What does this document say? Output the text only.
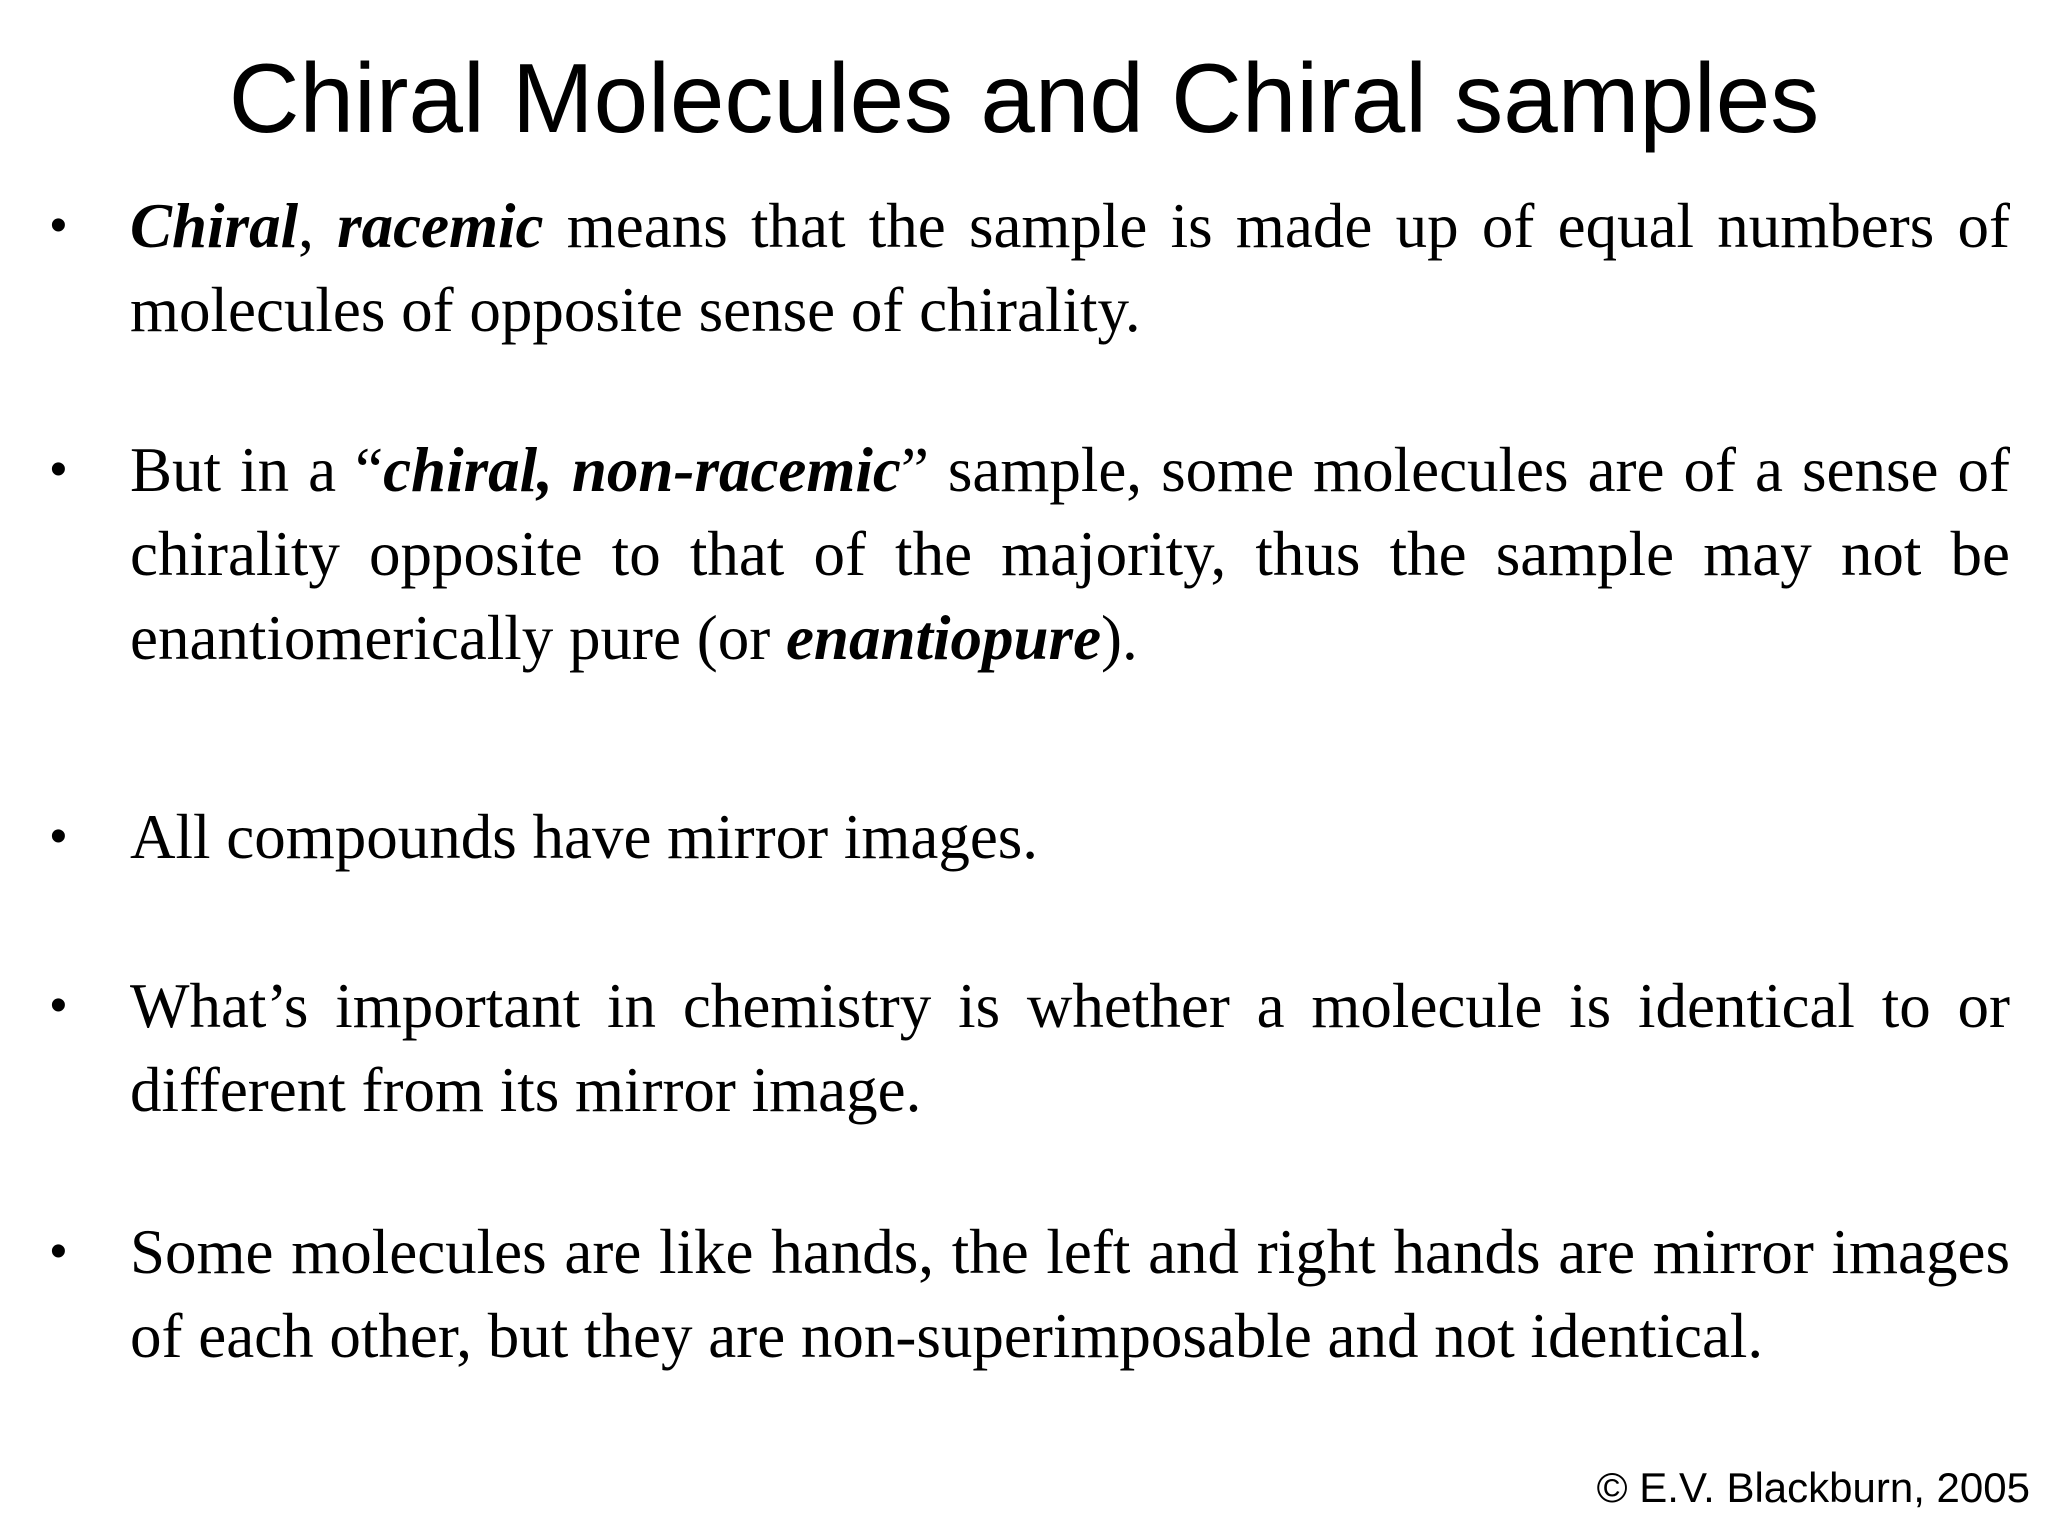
Chiral Molecules and Chiral samples
• Chiral, racemic means that the sample is made up of equal numbers of molecules of opposite sense of chirality.
• But in a “chiral, non-racemic” sample, some molecules are of a sense of chirality opposite to that of the majority, thus the sample may not be enantiomerically pure (or enantiopure).
• All compounds have mirror images.
• What’s important in chemistry is whether a molecule is identical to or different from its mirror image.
• Some molecules are like hands, the left and right hands are mirror images of each other, but they are non-superimposable and not identical.
© E.V. Blackburn, 2005
